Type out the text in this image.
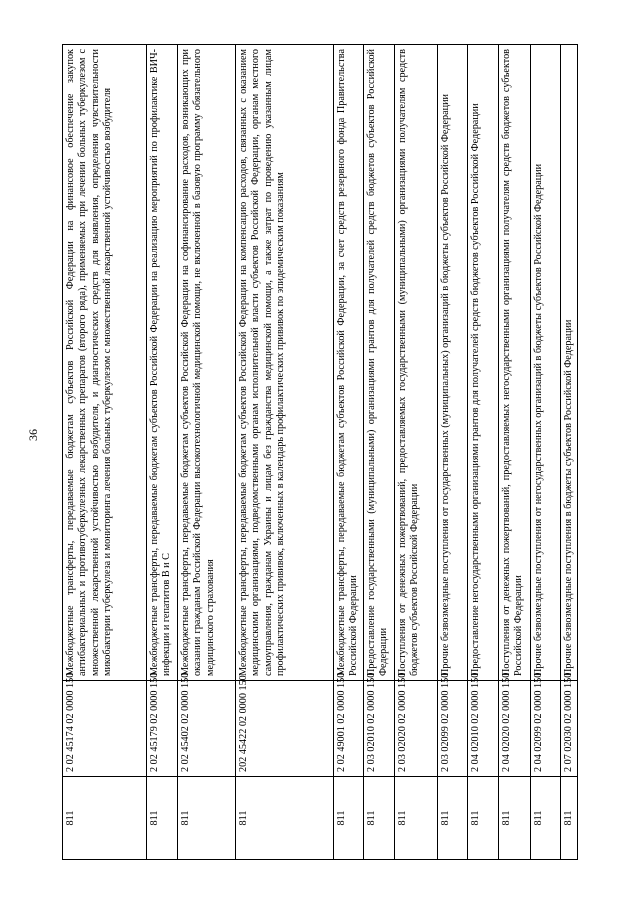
36
811	2 02 45174 02 0000 150	Межбюджетные трансферты, передаваемые бюджетам субъектов Российской Федерации на финансовое обеспечение закупок антибактериальных и противотуберкулезных лекарственных препаратов (второго ряда), применяемых при лечении больных туберкулезом с множественной лекарственной устойчивостью возбудителя, и диагностических средств для выявления, определения чувствительности микобактерии туберкулеза и мониторинга лечения больных туберкулезом с множественной лекарственной устойчивостью возбудителя
811	2 02 45179 02 0000 150	Межбюджетные трансферты, передаваемые бюджетам субъектов Российской Федерации на реализацию мероприятий по профилактике ВИЧ-инфекции и гепатитов В и С
811	2 02 45402 02 0000 150	Межбюджетные трансферты, передаваемые бюджетам субъектов Российской Федерации на софинансирование расходов, возникающих при оказании гражданам Российской Федерации высокотехнологичной медицинской помощи, не включенной в базовую программу обязательного медицинского страхования
811	202 45422 02 0000 150	Межбюджетные трансферты, передаваемые бюджетам субъектов Российской Федерации на компенсацию расходов, связанных с оказанием медицинскими организациями, подведомственными органам исполнительной власти субъектов Российской Федерации, органам местного самоуправления, гражданам Украины и лицам без гражданства медицинской помощи, а также затрат по проведению указанным лицам профилактических прививок, включенных в календарь профилактических прививок по эпидемическим показаниям
811	2 02 49001 02 0000 150	Межбюджетные трансферты, передаваемые бюджетам субъектов Российской Федерации, за счет средств резервного фонда Правительства Российской Федерации
811	2 03 02010 02 0000 150	Предоставление государственными (муниципальными) организациями грантов для получателей средств бюджетов субъектов Российской Федерации
811	2 03 02020 02 0000 150	Поступления от денежных пожертвований, предоставляемых государственными (муниципальными) организациями получателям средств бюджетов субъектов Российской Федерации
811	2 03 02099 02 0000 150	Прочие безвозмездные поступления от государственных (муниципальных) организаций в бюджеты субъектов Российской Федерации
811	2 04 02010 02 0000 150	Предоставление негосударственными организациями грантов для получателей средств бюджетов субъектов Российской Федерации
811	2 04 02020 02 0000 150	Поступления от денежных пожертвований, предоставляемых негосударственными организациями получателям средств бюджетов субъектов Российской Федерации
811	2 04 02099 02 0000 150	Прочие безвозмездные поступления от негосударственных организаций в бюджеты субъектов Российской Федерации
811	2 07 02030 02 0000 150	Прочие безвозмездные поступления в бюджеты субъектов Российской Федерации
